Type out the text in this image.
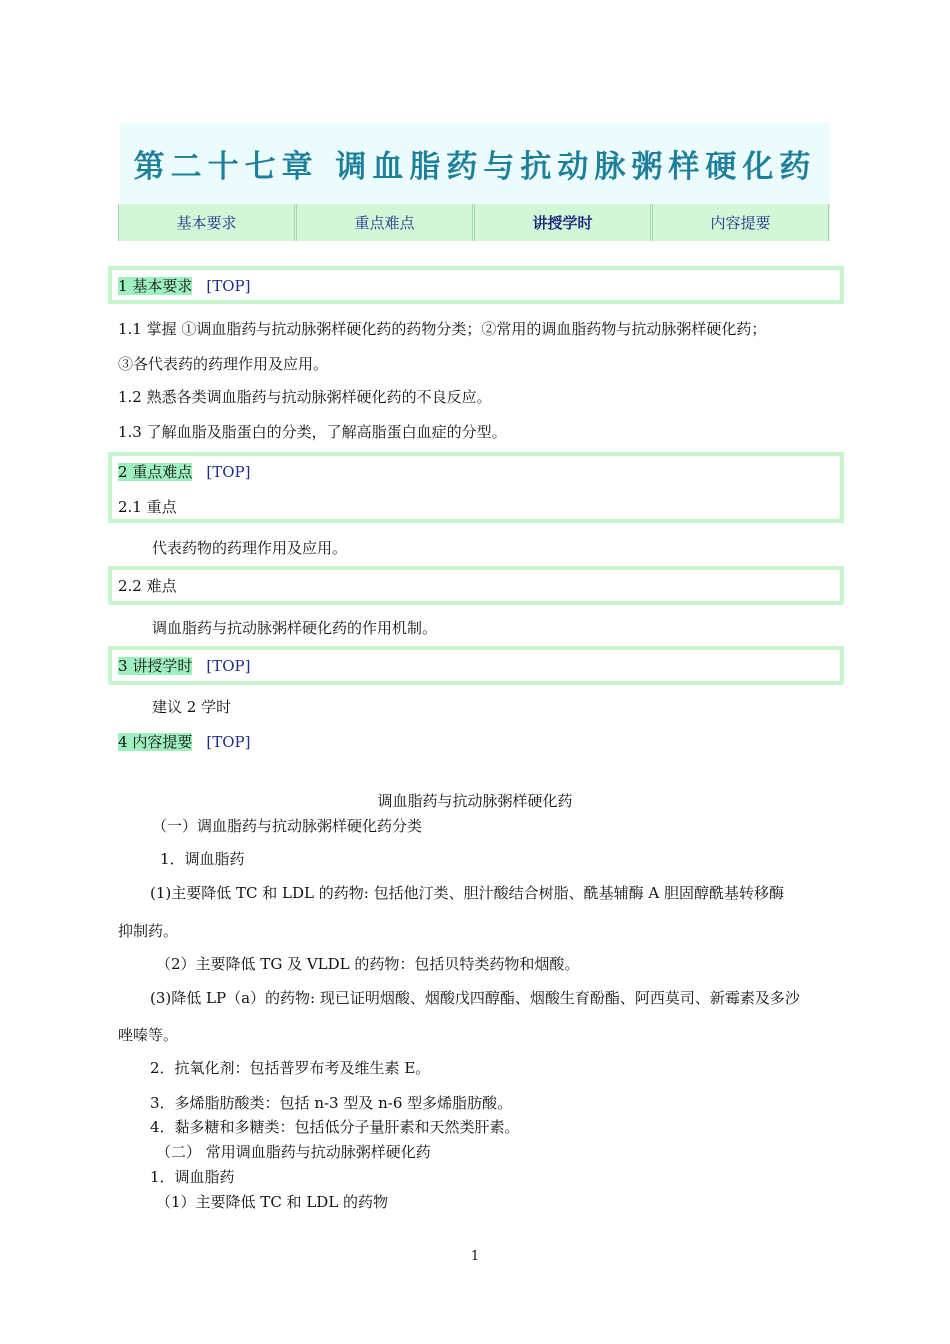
第二十七章 调血脂药与抗动脉粥样硬化药
基本要求	重点难点	讲授学时	内容提要
1 基本要求 [TOP]
1.1 掌握 ①调血脂药与抗动脉粥样硬化药的药物分类；②常用的调血脂药物与抗动脉粥样硬化药；
③各代表药的药理作用及应用。
1.2 熟悉各类调血脂药与抗动脉粥样硬化药的不良反应。
1.3 了解血脂及脂蛋白的分类，了解高脂蛋白血症的分型。
2 重点难点 [TOP]
2.1 重点
代表药物的药理作用及应用。
2.2 难点
调血脂药与抗动脉粥样硬化药的作用机制。
3 讲授学时 [TOP]
建议 2 学时
4 内容提要 [TOP]
调血脂药与抗动脉粥样硬化药
（一）调血脂药与抗动脉粥样硬化药分类
1．调血脂药
(1)主要降低 TC 和 LDL 的药物: 包括他汀类、胆汁酸结合树脂、酰基辅酶 A 胆固醇酰基转移酶
抑制药。
（2）主要降低 TG 及 VLDL 的药物：包括贝特类药物和烟酸。
(3)降低 LP（a）的药物: 现已证明烟酸、烟酸戊四醇酯、烟酸生育酚酯、阿西莫司、新霉素及多沙
唑嗪等。
2．抗氧化剂：包括普罗布考及维生素 E。
3．多烯脂肪酸类：包括 n-3 型及 n-6 型多烯脂肪酸。
4．黏多糖和多糖类：包括低分子量肝素和天然类肝素。
（二） 常用调血脂药与抗动脉粥样硬化药
1．调血脂药
（1）主要降低 TC 和 LDL 的药物
1
